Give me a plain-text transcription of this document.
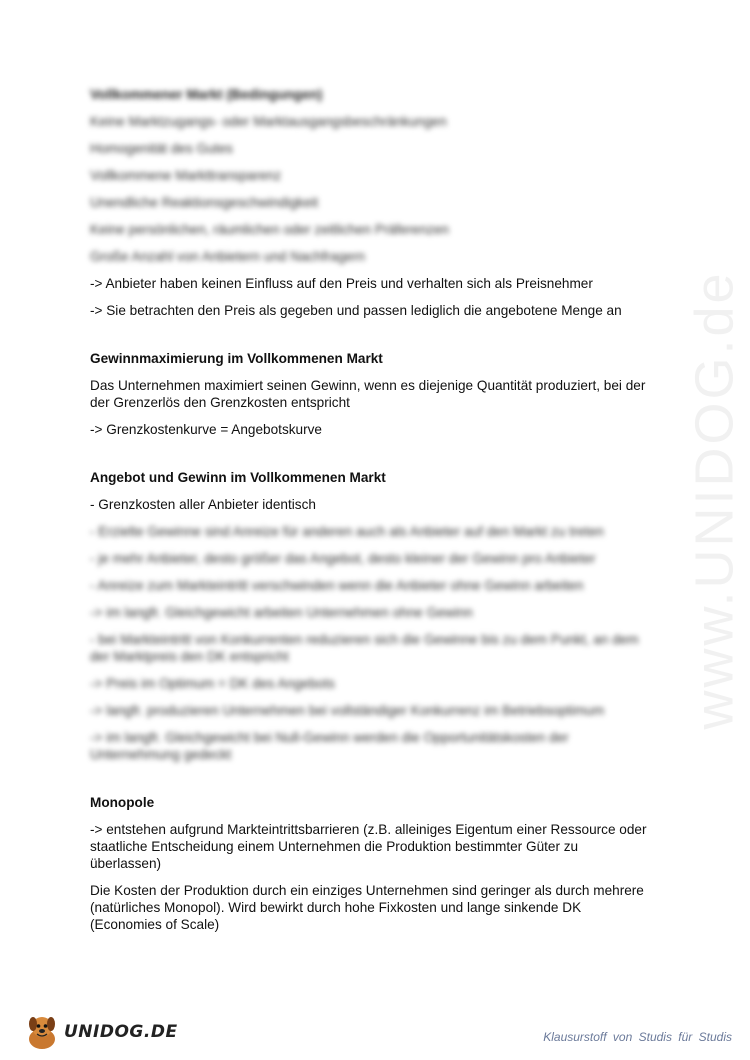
www.UNIDOG.de

Vollkommener Markt (Bedingungen)

Keine Marktzugangs- oder Marktausgangsbeschränkungen

Homogenität des Gutes

Vollkommene Markttransparenz

Unendliche Reaktionsgeschwindigkeit

Keine persönlichen, räumlichen oder zeitlichen Präferenzen

Große Anzahl von Anbietern und Nachfragern

-> Anbieter haben keinen Einfluss auf den Preis und verhalten sich als Preisnehmer

-> Sie betrachten den Preis als gegeben und passen lediglich die angebotene Menge an

Gewinnmaximierung im Vollkommenen Markt

Das Unternehmen maximiert seinen Gewinn, wenn es diejenige Quantität produziert, bei der

der Grenzerlös den Grenzkosten entspricht

-> Grenzkostenkurve = Angebotskurve

Angebot und Gewinn im Vollkommenen Markt

- Grenzkosten aller Anbieter identisch

- Erzielte Gewinne sind Anreize für anderen auch als Anbieter auf den Markt zu treten

- je mehr Anbieter, desto größer das Angebot, desto kleiner der Gewinn pro Anbieter

- Anreize zum Markteintritt verschwinden wenn die Anbieter ohne Gewinn arbeiten

-> im langfr. Gleichgewicht arbeiten Unternehmen ohne Gewinn

- bei Markteintritt von Konkurrenten reduzieren sich die Gewinne bis zu dem Punkt, an dem

der Marktpreis den DK entspricht

-> Preis im Optimum = DK des Angebots

-> langfr. produzieren Unternehmen bei vollständiger Konkurrenz im Betriebsoptimum

-> im langfr. Gleichgewicht bei Null-Gewinn werden die Opportunitätskosten der

Unternehmung gedeckt

Monopole

-> entstehen aufgrund Markteintrittsbarrieren (z.B. alleiniges Eigentum einer Ressource oder

staatliche Entscheidung einem Unternehmen die Produktion bestimmter Güter zu

überlassen)

Die Kosten der Produktion durch ein einziges Unternehmen sind geringer als durch mehrere

(natürliches Monopol). Wird bewirkt durch hohe Fixkosten und lange sinkende DK

(Economies of Scale)

UNIDOG.DE	Klausurstoff von Studis für Studis
